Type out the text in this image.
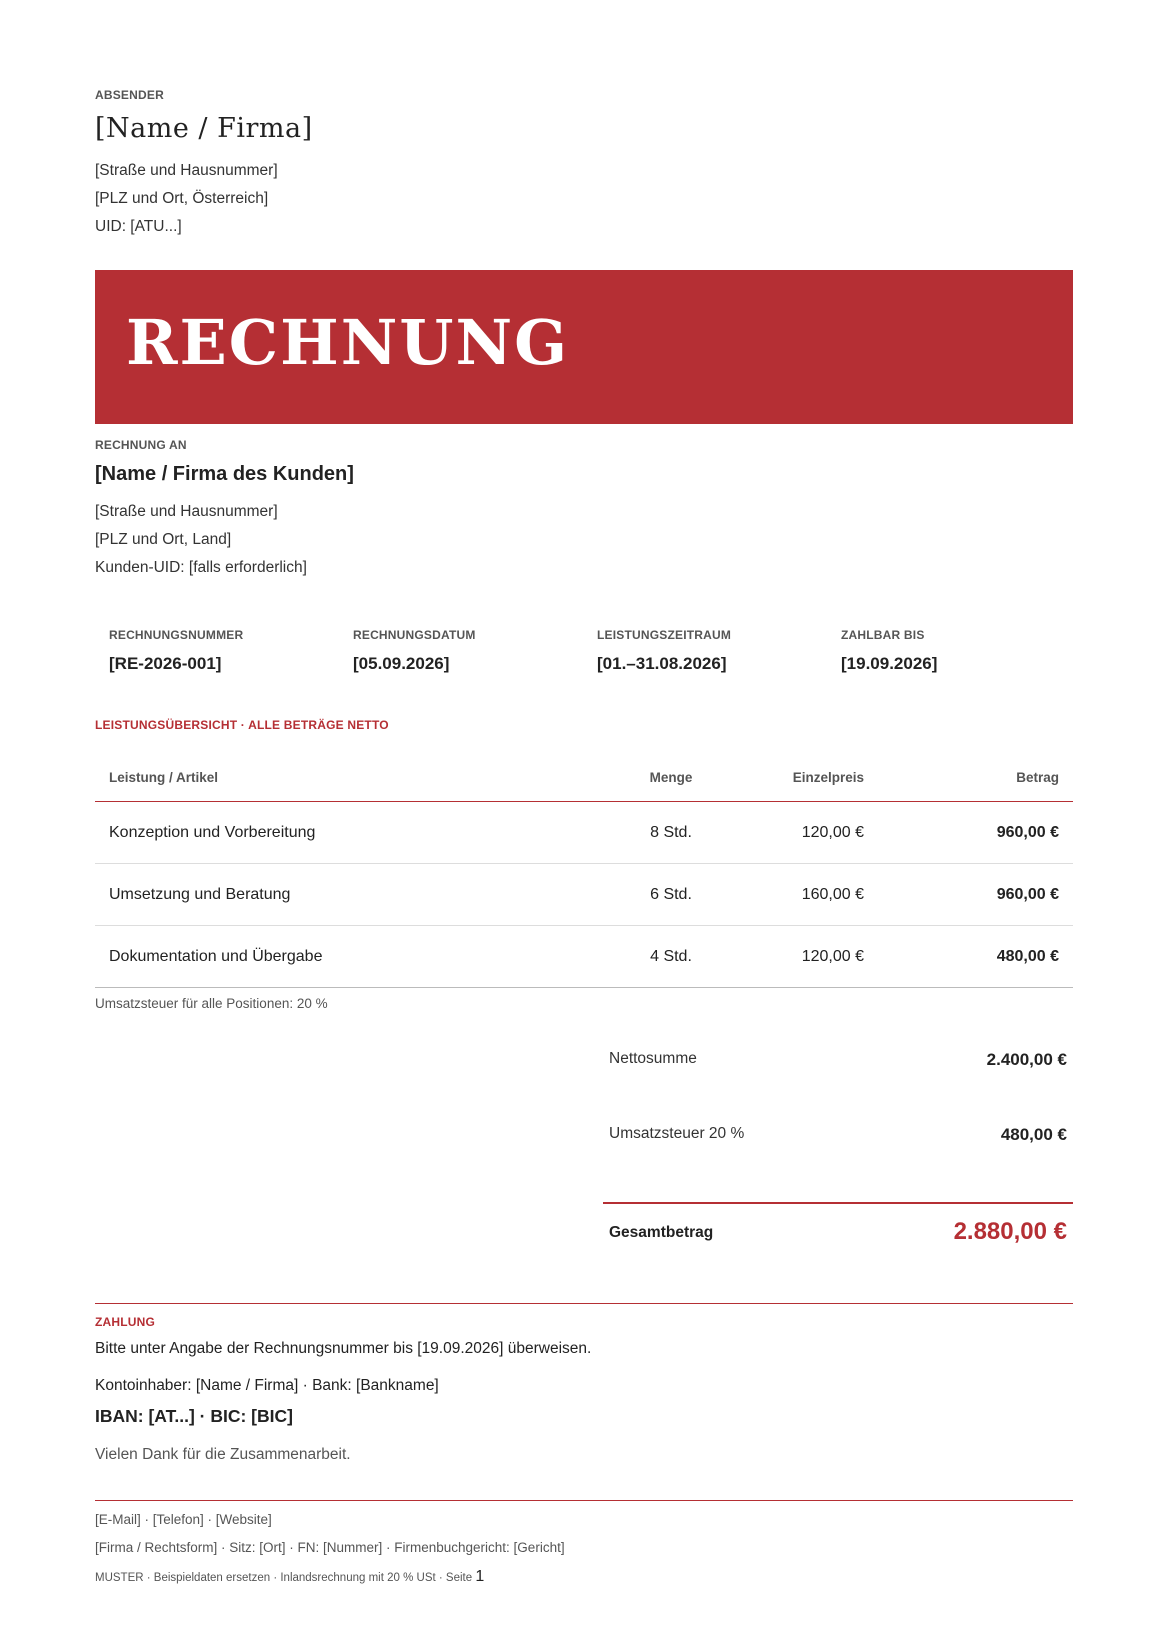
ABSENDER
[Name / Firma]
[Straße und Hausnummer]
[PLZ und Ort, Österreich]
UID: [ATU...]
RECHNUNG
RECHNUNG AN
[Name / Firma des Kunden]
[Straße und Hausnummer]
[PLZ und Ort, Land]
Kunden-UID: [falls erforderlich]
RECHNUNGSNUMMER
[RE-2026-001]
RECHNUNGSDATUM
[05.09.2026]
LEISTUNGSZEITRAUM
[01.–31.08.2026]
ZAHLBAR BIS
[19.09.2026]
LEISTUNGSÜBERSICHT · ALLE BETRÄGE NETTO
Leistung / Artikel	Menge	Einzelpreis	Betrag
Konzeption und Vorbereitung	8 Std.	120,00 €	960,00 €
Umsetzung und Beratung	6 Std.	160,00 €	960,00 €
Dokumentation und Übergabe	4 Std.	120,00 €	480,00 €
Umsatzsteuer für alle Positionen: 20 %
Nettosumme	2.400,00 €
Umsatzsteuer 20 %	480,00 €
Gesamtbetrag	2.880,00 €
ZAHLUNG
Bitte unter Angabe der Rechnungsnummer bis [19.09.2026] überweisen.
Kontoinhaber: [Name / Firma] · Bank: [Bankname]
IBAN: [AT...] · BIC: [BIC]
Vielen Dank für die Zusammenarbeit.
[E-Mail] · [Telefon] · [Website]
[Firma / Rechtsform] · Sitz: [Ort] · FN: [Nummer] · Firmenbuchgericht: [Gericht]
MUSTER · Beispieldaten ersetzen · Inlandsrechnung mit 20 % USt · Seite 1
